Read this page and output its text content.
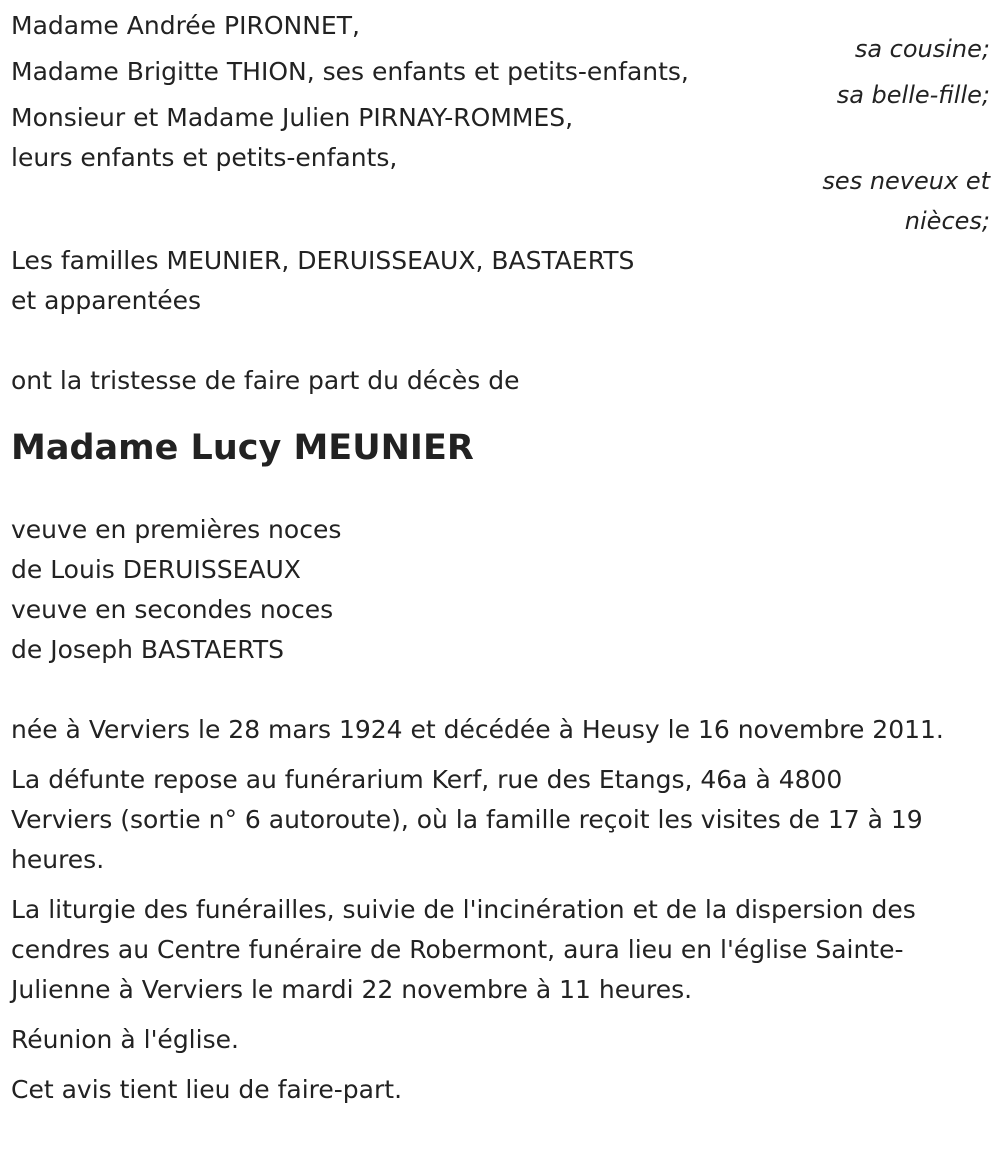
Madame Andrée PIRONNET,
sa cousine;
Madame Brigitte THION, ses enfants et petits-enfants,
sa belle-fille;
Monsieur et Madame Julien PIRNAY-ROMMES,
leurs enfants et petits-enfants,
ses neveux et
nièces;
Les familles MEUNIER, DERUISSEAUX, BASTAERTS
et apparentées
ont la tristesse de faire part du décès de
Madame Lucy MEUNIER
veuve en premières noces
de Louis DERUISSEAUX
veuve en secondes noces
de Joseph BASTAERTS
née à Verviers le 28 mars 1924 et décédée à Heusy le 16 novembre 2011.
La défunte repose au funérarium Kerf, rue des Etangs, 46a à 4800
Verviers (sortie n° 6 autoroute), où la famille reçoit les visites de 17 à 19
heures.
La liturgie des funérailles, suivie de l'incinération et de la dispersion des
cendres au Centre funéraire de Robermont, aura lieu en l'église Sainte-
Julienne à Verviers le mardi 22 novembre à 11 heures.
Réunion à l'église.
Cet avis tient lieu de faire-part.
